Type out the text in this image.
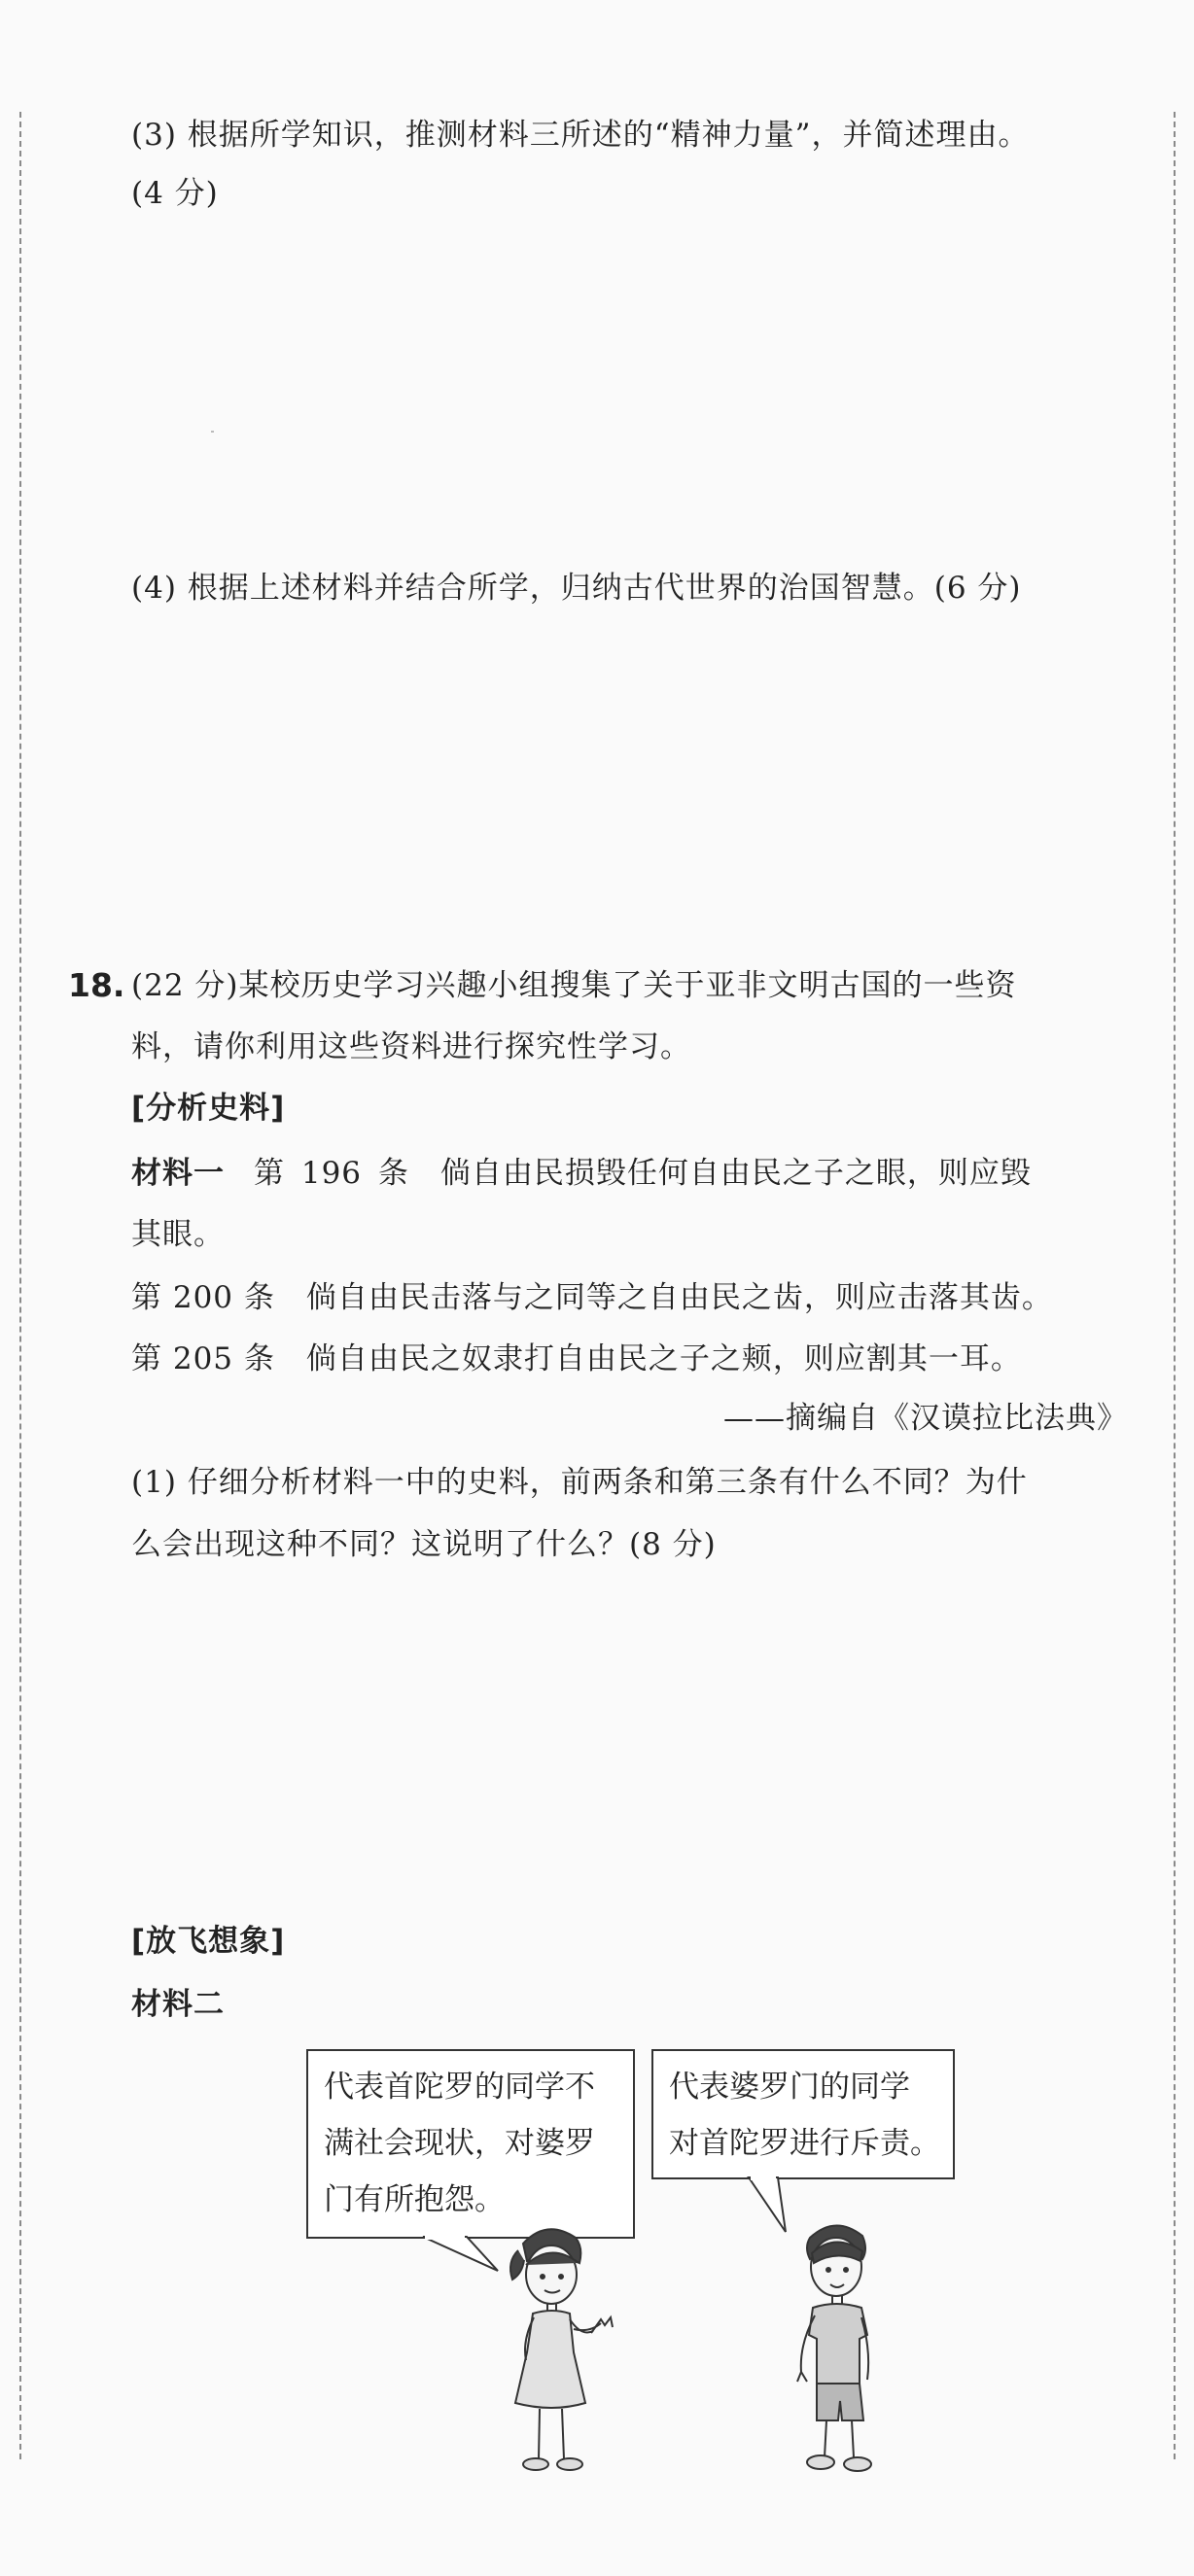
(3) 根据所学知识，推测材料三所述的“精神力量”，并简述理由。
(4 分)
(4) 根据上述材料并结合所学，归纳古代世界的治国智慧。(6 分)
18. (22 分)某校历史学习兴趣小组搜集了关于亚非文明古国的一些资
料，请你利用这些资料进行探究性学习。
[分析史料]
材料一 第 196 条　倘自由民损毁任何自由民之子之眼，则应毁
其眼。
第 200 条　倘自由民击落与之同等之自由民之齿，则应击落其齿。
第 205 条　倘自由民之奴隶打自由民之子之颊，则应割其一耳。
——摘编自《汉谟拉比法典》
(1) 仔细分析材料一中的史料，前两条和第三条有什么不同？为什
么会出现这种不同？这说明了什么？(8 分)
[放飞想象]
材料二
代表首陀罗的同学不
满社会现状，对婆罗
门有所抱怨。
代表婆罗门的同学
对首陀罗进行斥责。
